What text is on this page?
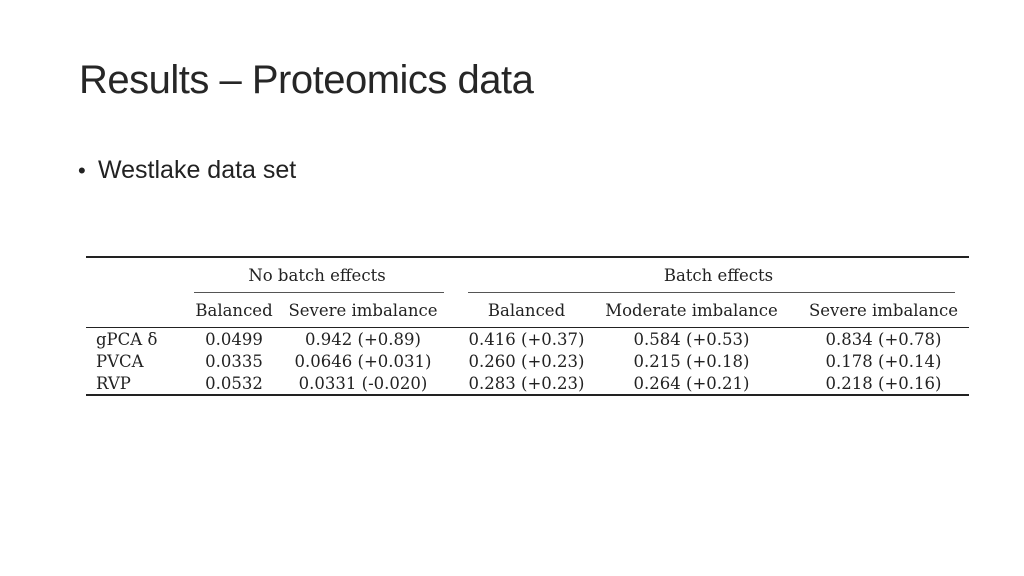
Results – Proteomics data
• Westlake data set
	No batch effects			Batch effects		

	Balanced	Severe imbalance		Balanced	Moderate imbalance	Severe imbalance

gPCA δ	0.0499	0.942 (+0.89)		0.416 (+0.37)	0.584 (+0.53)	0.834 (+0.78)
PVCA	0.0335	0.0646 (+0.031)		0.260 (+0.23)	0.215 (+0.18)	0.178 (+0.14)
RVP	0.0532	0.0331 (-0.020)		0.283 (+0.23)	0.264 (+0.21)	0.218 (+0.16)
